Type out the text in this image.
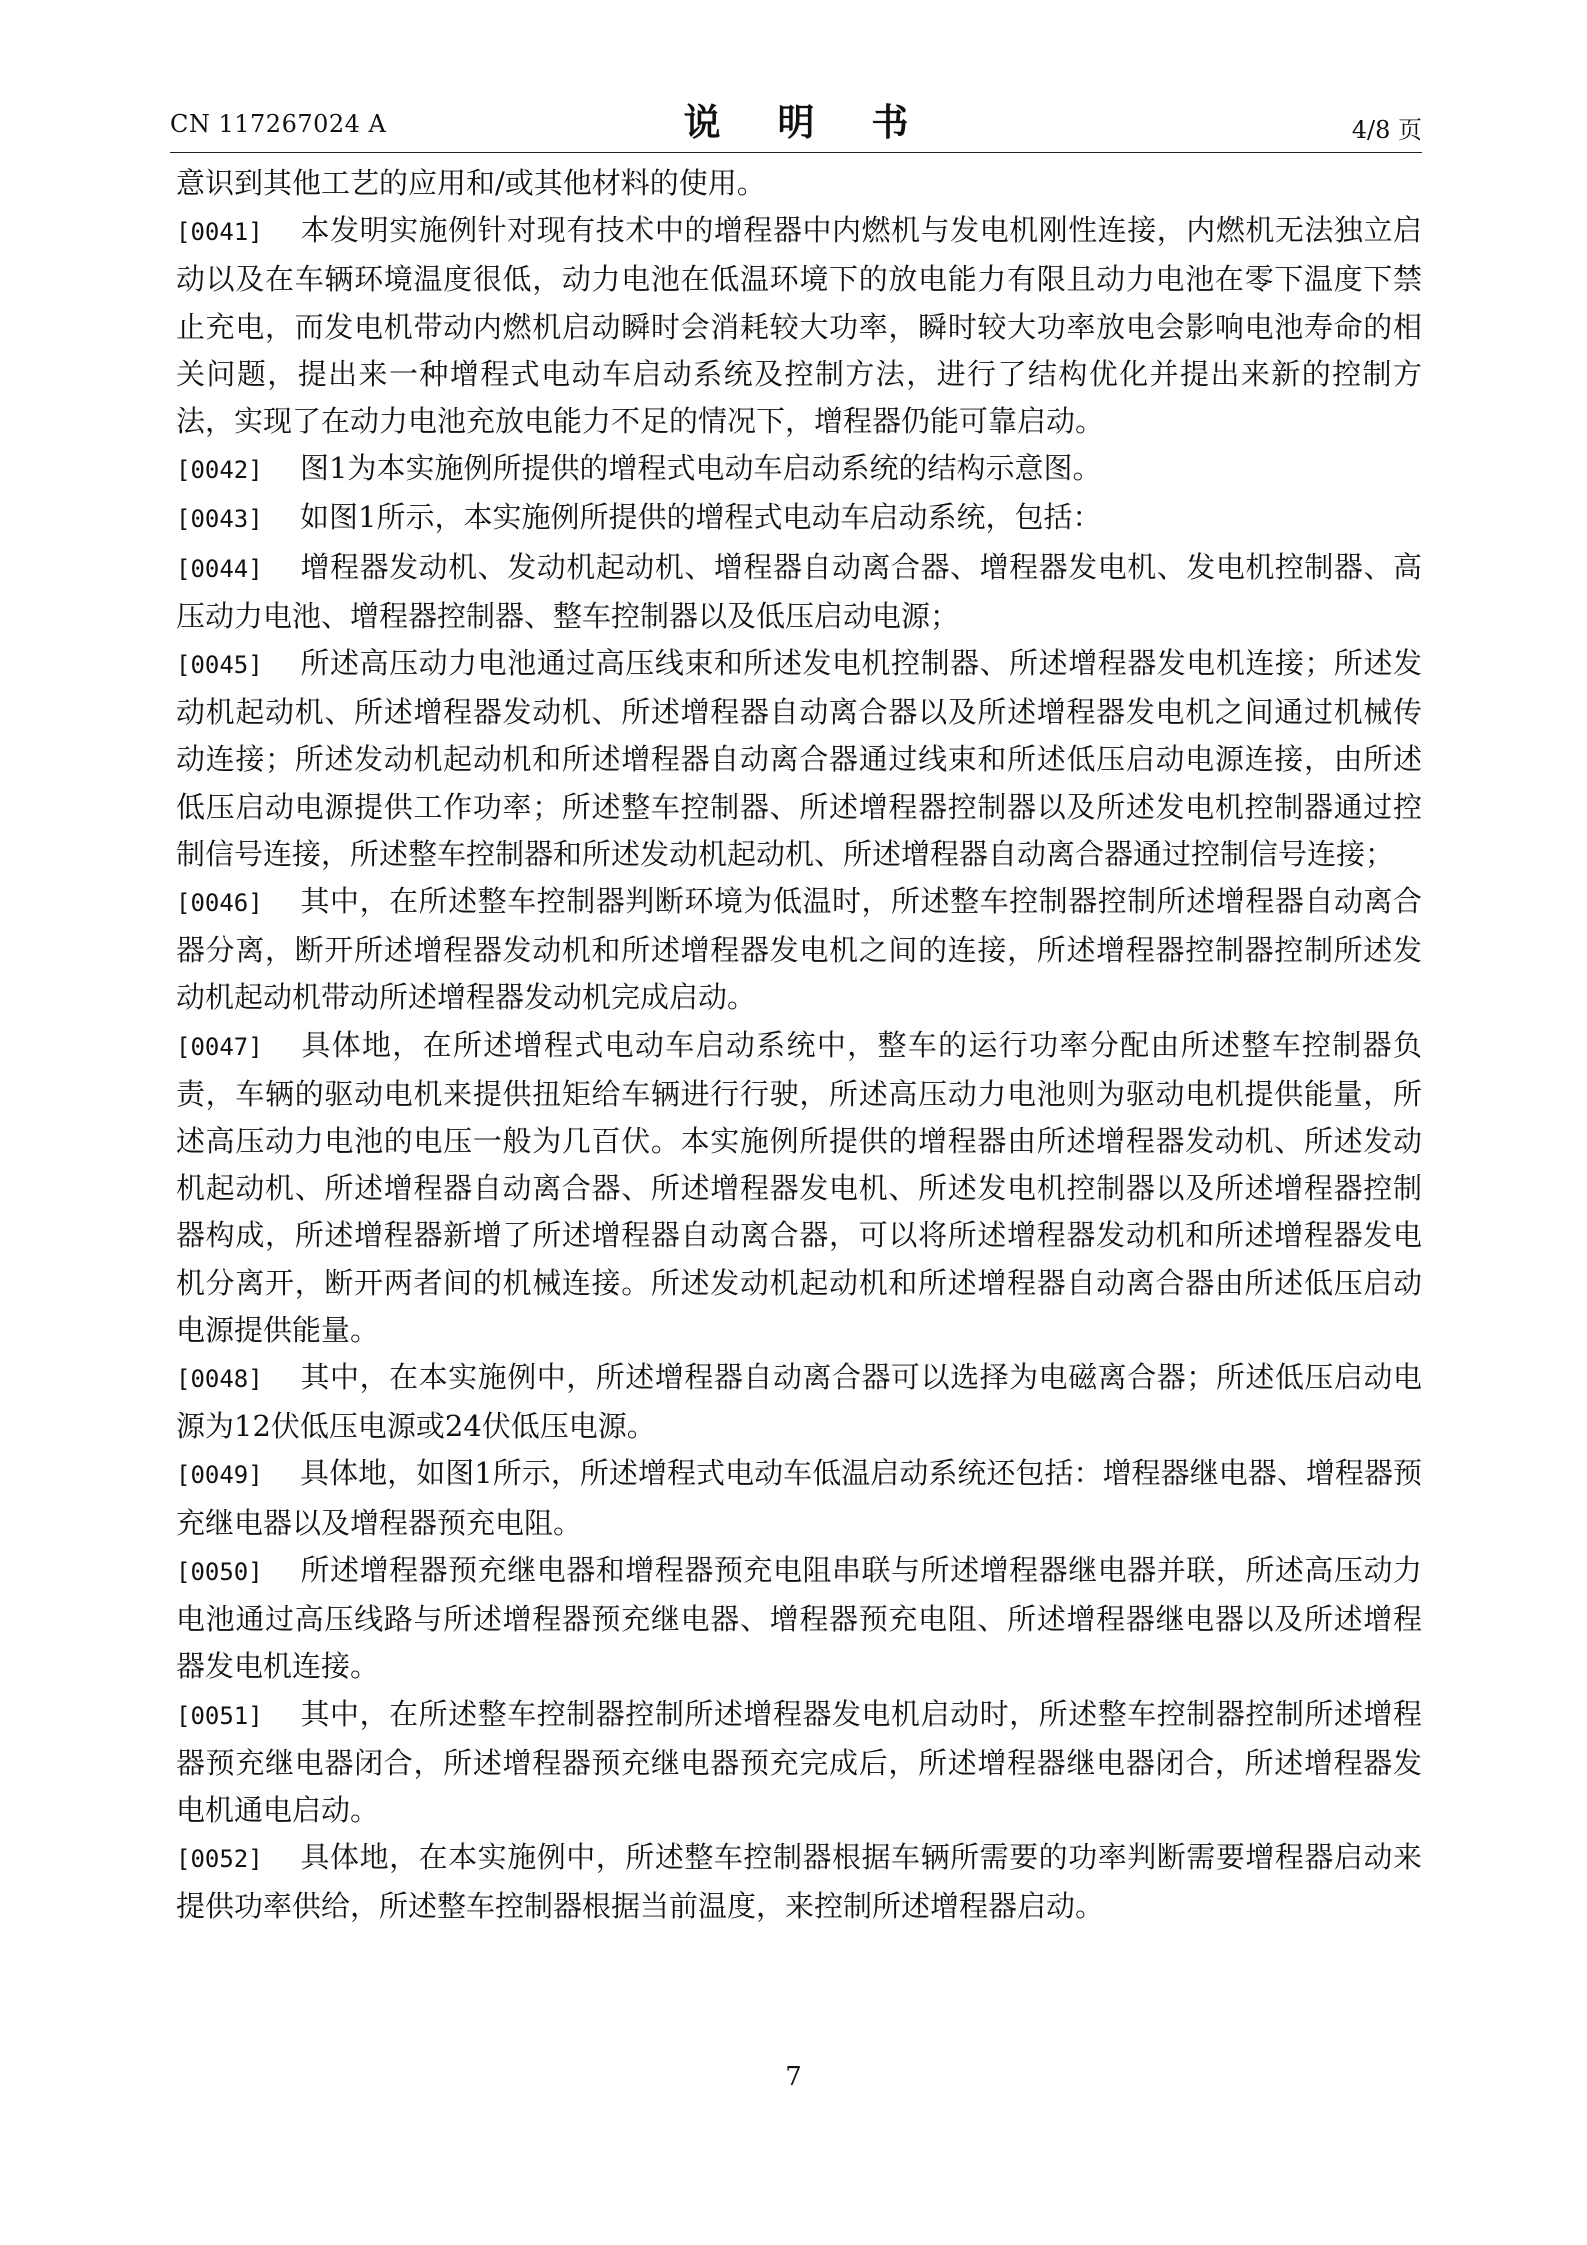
CN 117267024 A	说 明 书	4/8 页

意识到其他工艺的应用和/或其他材料的使用。

[0041] 本发明实施例针对现有技术中的增程器中内燃机与发电机刚性连接，内燃机无法独立启动以及在车辆环境温度很低，动力电池在低温环境下的放电能力有限且动力电池在零下温度下禁止充电，而发电机带动内燃机启动瞬时会消耗较大功率，瞬时较大功率放电会影响电池寿命的相关问题，提出来一种增程式电动车启动系统及控制方法，进行了结构优化并提出来新的控制方法，实现了在动力电池充放电能力不足的情况下，增程器仍能可靠启动。

[0042] 图1为本实施例所提供的增程式电动车启动系统的结构示意图。

[0043] 如图1所示，本实施例所提供的增程式电动车启动系统，包括：

[0044] 增程器发动机、发动机起动机、增程器自动离合器、增程器发电机、发电机控制器、高压动力电池、增程器控制器、整车控制器以及低压启动电源；

[0045] 所述高压动力电池通过高压线束和所述发电机控制器、所述增程器发电机连接；所述发动机起动机、所述增程器发动机、所述增程器自动离合器以及所述增程器发电机之间通过机械传动连接；所述发动机起动机和所述增程器自动离合器通过线束和所述低压启动电源连接，由所述低压启动电源提供工作功率；所述整车控制器、所述增程器控制器以及所述发电机控制器通过控制信号连接，所述整车控制器和所述发动机起动机、所述增程器自动离合器通过控制信号连接；

[0046] 其中，在所述整车控制器判断环境为低温时，所述整车控制器控制所述增程器自动离合器分离，断开所述增程器发动机和所述增程器发电机之间的连接，所述增程器控制器控制所述发动机起动机带动所述增程器发动机完成启动。

[0047] 具体地，在所述增程式电动车启动系统中，整车的运行功率分配由所述整车控制器负责，车辆的驱动电机来提供扭矩给车辆进行行驶，所述高压动力电池则为驱动电机提供能量，所述高压动力电池的电压一般为几百伏。本实施例所提供的增程器由所述增程器发动机、所述发动机起动机、所述增程器自动离合器、所述增程器发电机、所述发电机控制器以及所述增程器控制器构成，所述增程器新增了所述增程器自动离合器，可以将所述增程器发动机和所述增程器发电机分离开，断开两者间的机械连接。所述发动机起动机和所述增程器自动离合器由所述低压启动电源提供能量。

[0048] 其中，在本实施例中，所述增程器自动离合器可以选择为电磁离合器；所述低压启动电源为12伏低压电源或24伏低压电源。

[0049] 具体地，如图1所示，所述增程式电动车低温启动系统还包括：增程器继电器、增程器预充继电器以及增程器预充电阻。

[0050] 所述增程器预充继电器和增程器预充电阻串联与所述增程器继电器并联，所述高压动力电池通过高压线路与所述增程器预充继电器、增程器预充电阻、所述增程器继电器以及所述增程器发电机连接。

[0051] 其中，在所述整车控制器控制所述增程器发电机启动时，所述整车控制器控制所述增程器预充继电器闭合，所述增程器预充继电器预充完成后，所述增程器继电器闭合，所述增程器发电机通电启动。

[0052] 具体地，在本实施例中，所述整车控制器根据车辆所需要的功率判断需要增程器启动来提供功率供给，所述整车控制器根据当前温度，来控制所述增程器启动。

7
